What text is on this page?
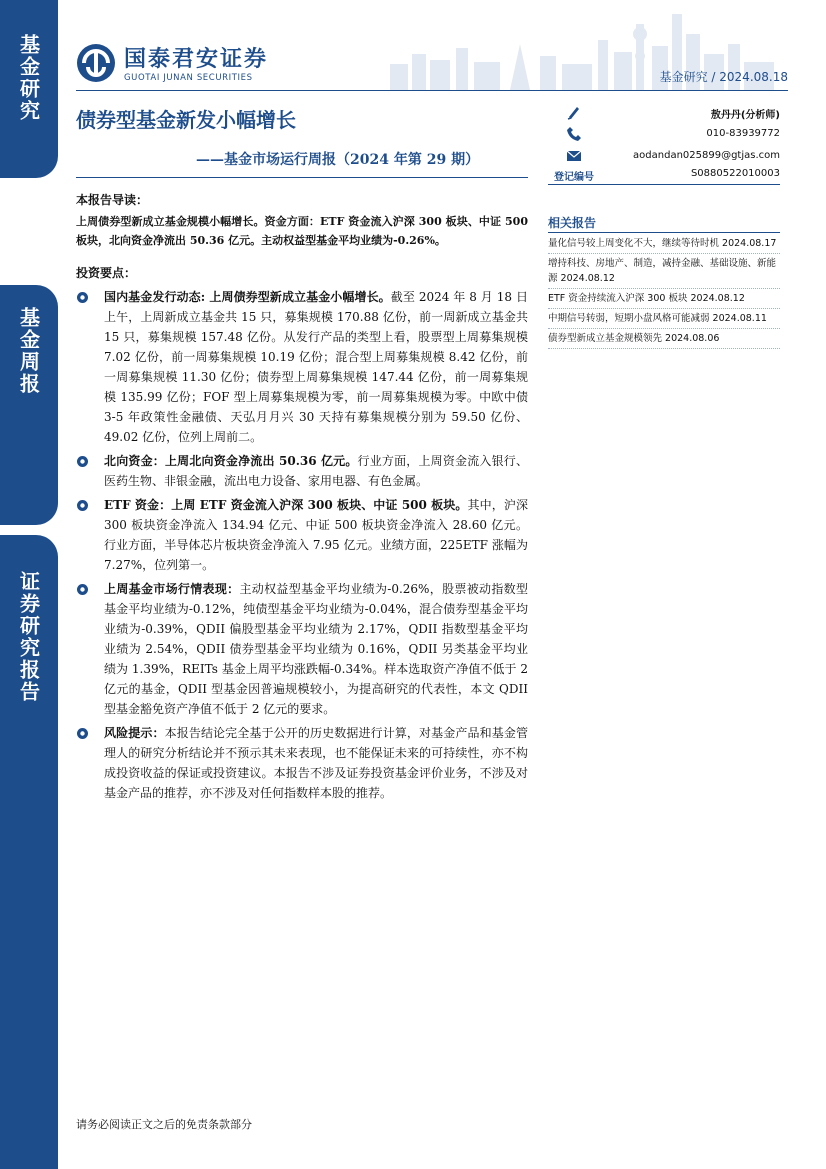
基金研究
基金周报
证券研究报告
国泰君安证券
GUOTAI JUNAN SECURITIES	基金研究 / 2024.08.18
债券型基金新发小幅增长
——基金市场运行周报（2024 年第 29 期）
敖丹丹(分析师)
010-83939772
aodandan025899@gtjas.com
登记编号	S0880522010003
本报告导读：
上周债券型新成立基金规模小幅增长。资金方面：ETF 资金流入沪深 300 板块、中证 500 板块，北向资金净流出 50.36 亿元。主动权益型基金平均业绩为-0.26%。
投资要点：
国内基金发行动态: 上周债券型新成立基金小幅增长。截至 2024 年 8 月 18 日上午，上周新成立基金共 15 只，募集规模 170.88 亿份，前一周新成立基金共 15 只，募集规模 157.48 亿份。从发行产品的类型上看，股票型上周募集规模 7.02 亿份，前一周募集规模 10.19 亿份；混合型上周募集规模 8.42 亿份，前一周募集规模 11.30 亿份；债券型上周募集规模 147.44 亿份，前一周募集规模 135.99 亿份；FOF 型上周募集规模为零，前一周募集规模为零。中欧中债 3-5 年政策性金融债、天弘月月兴 30 天持有募集规模分别为 59.50 亿份、49.02 亿份，位列上周前二。
北向资金：上周北向资金净流出 50.36 亿元。行业方面，上周资金流入银行、医药生物、非银金融，流出电力设备、家用电器、有色金属。
ETF 资金：上周 ETF 资金流入沪深 300 板块、中证 500 板块。其中，沪深 300 板块资金净流入 134.94 亿元、中证 500 板块资金净流入 28.60 亿元。行业方面，半导体芯片板块资金净流入 7.95 亿元。业绩方面，225ETF 涨幅为 7.27%，位列第一。
上周基金市场行情表现：主动权益型基金平均业绩为-0.26%，股票被动指数型基金平均业绩为-0.12%，纯债型基金平均业绩为-0.04%，混合债券型基金平均业绩为-0.39%，QDII 偏股型基金平均业绩为 2.17%，QDII 指数型基金平均业绩为 2.54%，QDII 债券型基金平均业绩为 0.16%，QDII 另类基金平均业绩为 1.39%，REITs 基金上周平均涨跌幅-0.34%。样本选取资产净值不低于 2 亿元的基金，QDII 型基金因普遍规模较小，为提高研究的代表性，本文 QDII 型基金豁免资产净值不低于 2 亿元的要求。
风险提示：本报告结论完全基于公开的历史数据进行计算，对基金产品和基金管理人的研究分析结论并不预示其未来表现，也不能保证未来的可持续性，亦不构成投资收益的保证或投资建议。本报告不涉及证券投资基金评价业务，不涉及对基金产品的推荐，亦不涉及对任何指数样本股的推荐。
相关报告
量化信号较上周变化不大，继续等待时机 2024.08.17
增持科技、房地产、制造，减持金融、基础设施、新能源 2024.08.12
ETF 资金持续流入沪深 300 板块 2024.08.12
中期信号转弱，短期小盘风格可能减弱 2024.08.11
债券型新成立基金规模领先 2024.08.06
请务必阅读正文之后的免责条款部分
